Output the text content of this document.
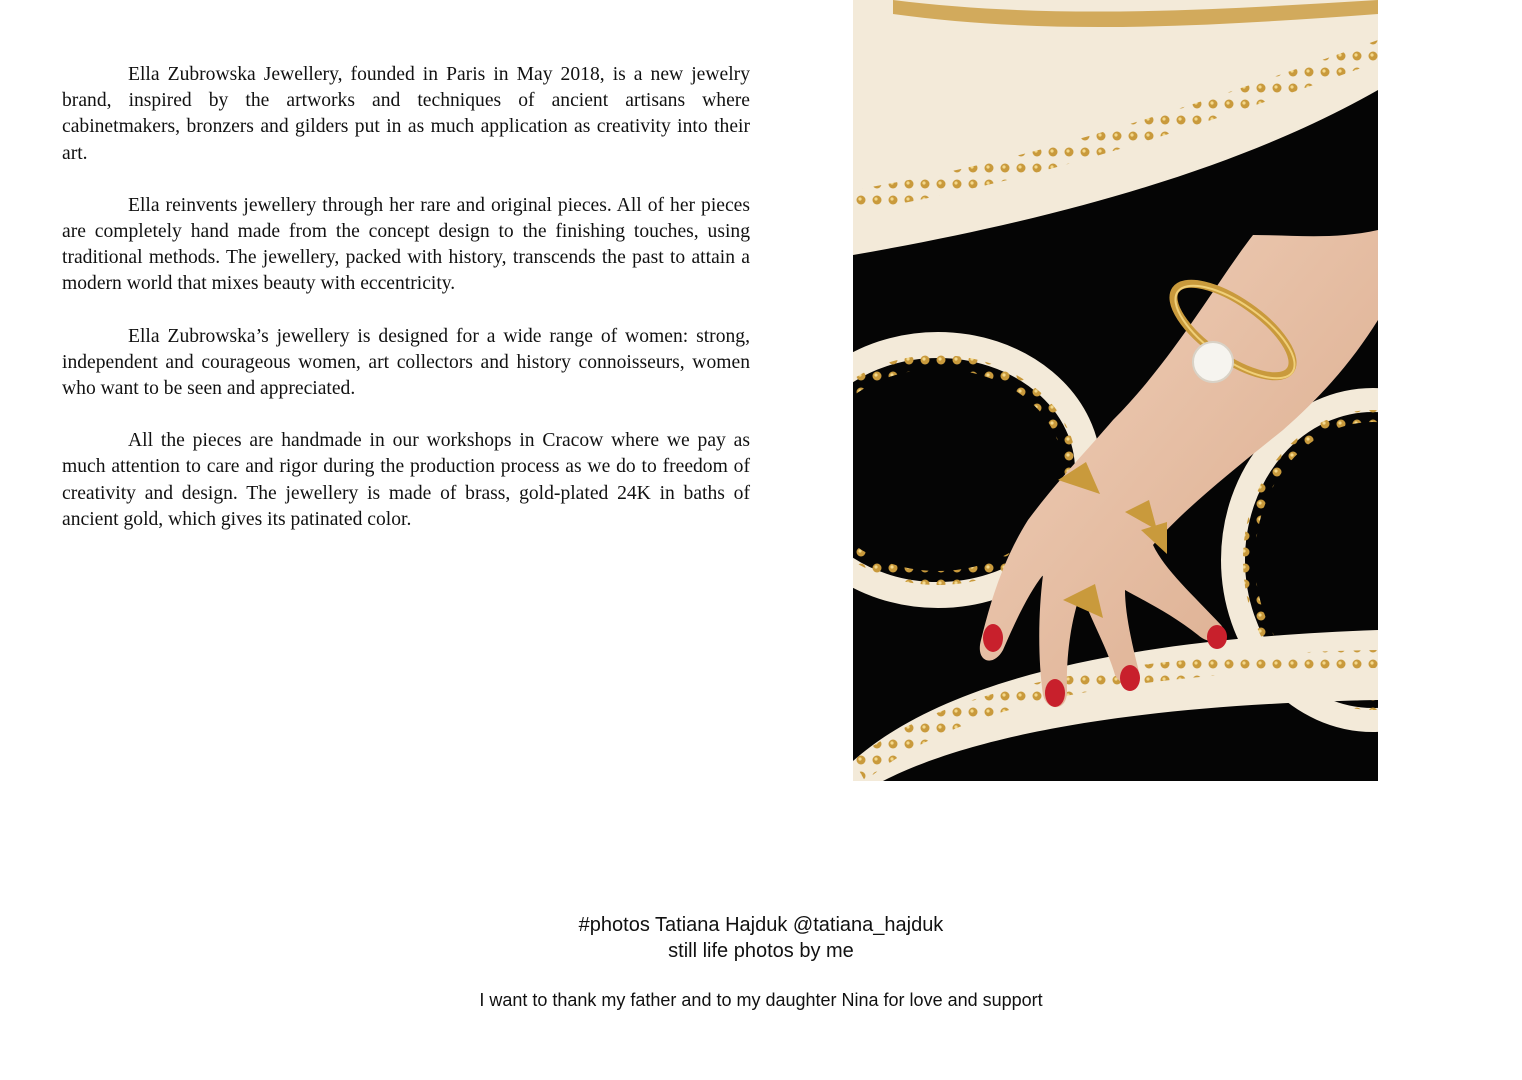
Ella Zubrowska Jewellery, founded in Paris in May 2018, is a new jewelry brand, inspired by the artworks and techniques of ancient artisans where cabinetmakers, bronzers and gilders put in as much application as creativity into their art.

Ella reinvents jewellery through her rare and original pieces. All of her pieces are completely hand made from the concept design to the finishing touches, using traditional methods. The jewellery, packed with history, transcends the past to attain a modern world that mixes beauty with eccentricity.

Ella Zubrowska’s jewellery is designed for a wide range of women: strong, independent and courageous women, art collectors and history connoisseurs, women who want to be seen and appreciated.

All the pieces are handmade in our workshops in Cracow where we pay as much attention to care and rigor during the production process as we do to freedom of creativity and design. The jewellery is made of brass, gold-plated 24K in baths of ancient gold, which gives its patinated color.

#photos Tatiana Hajduk @tatiana_hajduk
still life photos by me
I want to thank my father and to my daughter Nina for love and support
